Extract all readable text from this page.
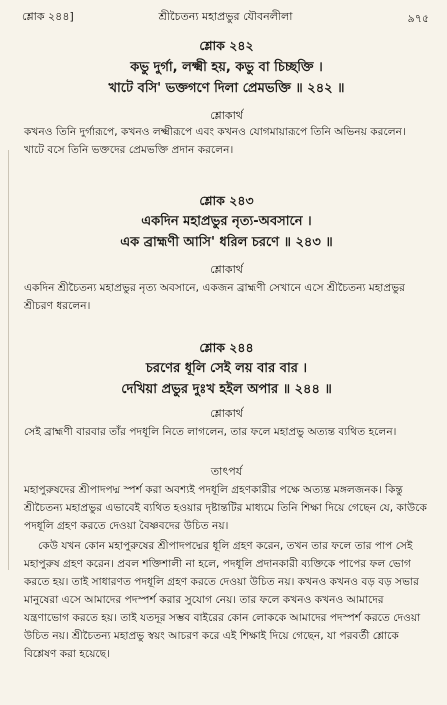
শ্লোক ২৪৪]	শ্রীচৈতন্য মহাপ্রভুর যৌবনলীলা	৯৭৫
শ্লোক ২৪২
কভু দুর্গা, লক্ষ্মী হয়, কভু বা চিচ্ছক্তি ।
খাটে বসি' ভক্তগণে দিলা প্রেমভক্তি ॥ ২৪২ ॥
শ্লোকার্থ
কখনও তিনি দুর্গারূপে, কখনও লক্ষ্মীরূপে এবং কখনও যোগমায়ারূপে তিনি অভিনয় করলেন। খাটে বসে তিনি ভক্তদের প্রেমভক্তি প্রদান করলেন।
শ্লোক ২৪৩
একদিন মহাপ্রভুর নৃত্য-অবসানে ।
এক ব্রাহ্মণী আসি' ধরিল চরণে ॥ ২৪৩ ॥
শ্লোকার্থ
একদিন শ্রীচৈতন্য মহাপ্রভুর নৃত্য অবসানে, একজন ব্রাহ্মণী সেখানে এসে শ্রীচৈতন্য মহাপ্রভুর শ্রীচরণ ধরলেন।
শ্লোক ২৪৪
চরণের ধূলি সেই লয় বার বার ।
দেখিয়া প্রভুর দুঃখ হইল অপার ॥ ২৪৪ ॥
শ্লোকার্থ
সেই ব্রাহ্মণী বারবার তাঁর পদধূলি নিতে লাগলেন, তার ফলে মহাপ্রভু অত্যন্ত ব্যথিত হলেন।
তাৎপর্য
মহাপুরুষদের শ্রীপাদপদ্ম স্পর্শ করা অবশ্যই পদধূলি গ্রহণকারীর পক্ষে অত্যন্ত মঙ্গলজনক। কিন্তু শ্রীচৈতন্য মহাপ্রভুর এভাবেই ব্যথিত হওয়ার দৃষ্টান্তটির মাধ্যমে তিনি শিক্ষা দিয়ে গেছেন যে, কাউকে পদধূলি গ্রহণ করতে দেওয়া বৈষ্ণবদের উচিত নয়।
কেউ যখন কোন মহাপুরুষের শ্রীপাদপদ্মের ধূলি গ্রহণ করেন, তখন তার ফলে তার পাপ সেই মহাপুরুষ গ্রহণ করেন। প্রবল শক্তিশালী না হলে, পদধূলি প্রদানকারী ব্যক্তিকে পাপের ফল ভোগ করতে হয়। তাই সাধারণত পদধূলি গ্রহণ করতে দেওয়া উচিত নয়। কখনও কখনও বড় বড় সভার মানুষেরা এসে আমাদের পদস্পর্শ করার সুযোগ নেয়। তার ফলে কখনও কখনও আমাদের যন্ত্রণাভোগ করতে হয়। তাই যতদূর সম্ভব বাইরের কোন লোককে আমাদের পদস্পর্শ করতে দেওয়া উচিত নয়। শ্রীচৈতন্য মহাপ্রভু স্বয়ং আচরণ করে এই শিক্ষাই দিয়ে গেছেন, যা পরবর্তী শ্লোকে বিশ্লেষণ করা হয়েছে।
